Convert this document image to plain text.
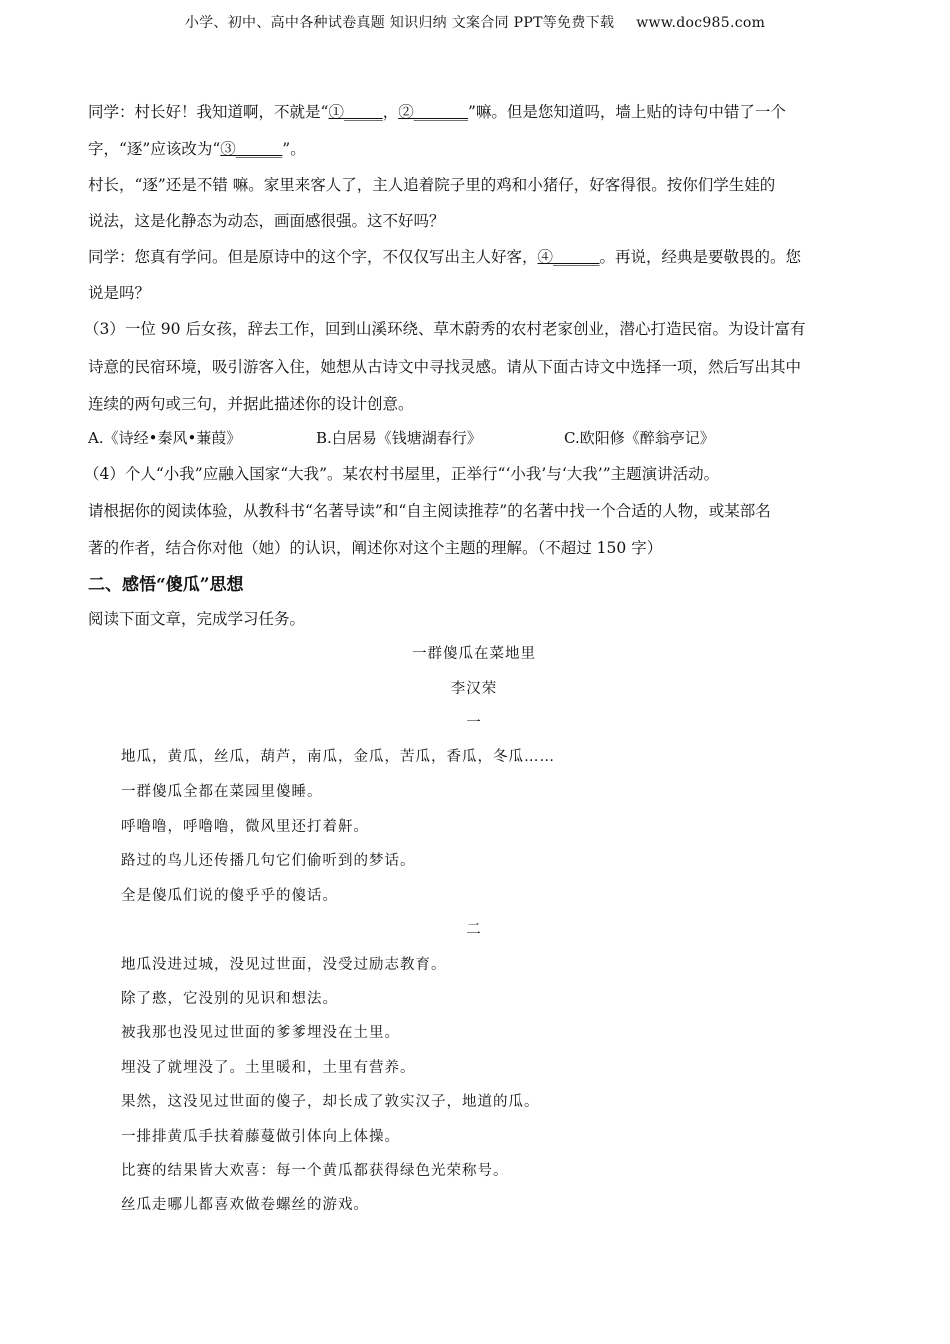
小学、初中、高中各种试卷真题 知识归纳 文案合同 PPT等免费下载 www.doc985.com
同学：村长好！我知道啊，不就是“①_____，②_______”嘛。但是您知道吗，墙上贴的诗句中错了一个
字，“逐”应该改为“③______”。
村长，“逐”还是不错 嘛。家里来客人了，主人追着院子里的鸡和小猪仔，好客得很。按你们学生娃的
说法，这是化静态为动态，画面感很强。这不好吗？
同学：您真有学问。但是原诗中的这个字，不仅仅写出主人好客，④______。再说，经典是要敬畏的。您
说是吗？
（3）一位 90 后女孩，辞去工作，回到山溪环绕、草木蔚秀的农村老家创业，潜心打造民宿。为设计富有
诗意的民宿环境，吸引游客入住，她想从古诗文中寻找灵感。请从下面古诗文中选择一项，然后写出其中
连续的两句或三句，并据此描述你的设计创意。
A.《诗经•秦风•蒹葭》	B.白居易《钱塘湖春行》	C.欧阳修《醉翁亭记》
（4）个人“小我”应融入国家“大我”。某农村书屋里，正举行“‘小我’与‘大我’”主题演讲活动。
请根据你的阅读体验，从教科书“名著导读”和“自主阅读推荐”的名著中找一个合适的人物，或某部名
著的作者，结合你对他（她）的认识，阐述你对这个主题的理解。（不超过 150 字）
二、感悟“傻瓜”思想
阅读下面文章，完成学习任务。
一群傻瓜在菜地里
李汉荣
一
地瓜，黄瓜，丝瓜，葫芦，南瓜，金瓜，苦瓜，香瓜，冬瓜……
一群傻瓜全都在菜园里傻睡。
呼噜噜，呼噜噜，微风里还打着鼾。
路过的鸟儿还传播几句它们偷听到的梦话。
全是傻瓜们说的傻乎乎的傻话。
二
地瓜没进过城，没见过世面，没受过励志教育。
除了憨，它没别的见识和想法。
被我那也没见过世面的爹爹埋没在土里。
埋没了就埋没了。土里暖和，土里有营养。
果然，这没见过世面的傻子，却长成了敦实汉子，地道的瓜。
一排排黄瓜手扶着藤蔓做引体向上体操。
比赛的结果皆大欢喜：每一个黄瓜都获得绿色光荣称号。
丝瓜走哪儿都喜欢做卷螺丝的游戏。
